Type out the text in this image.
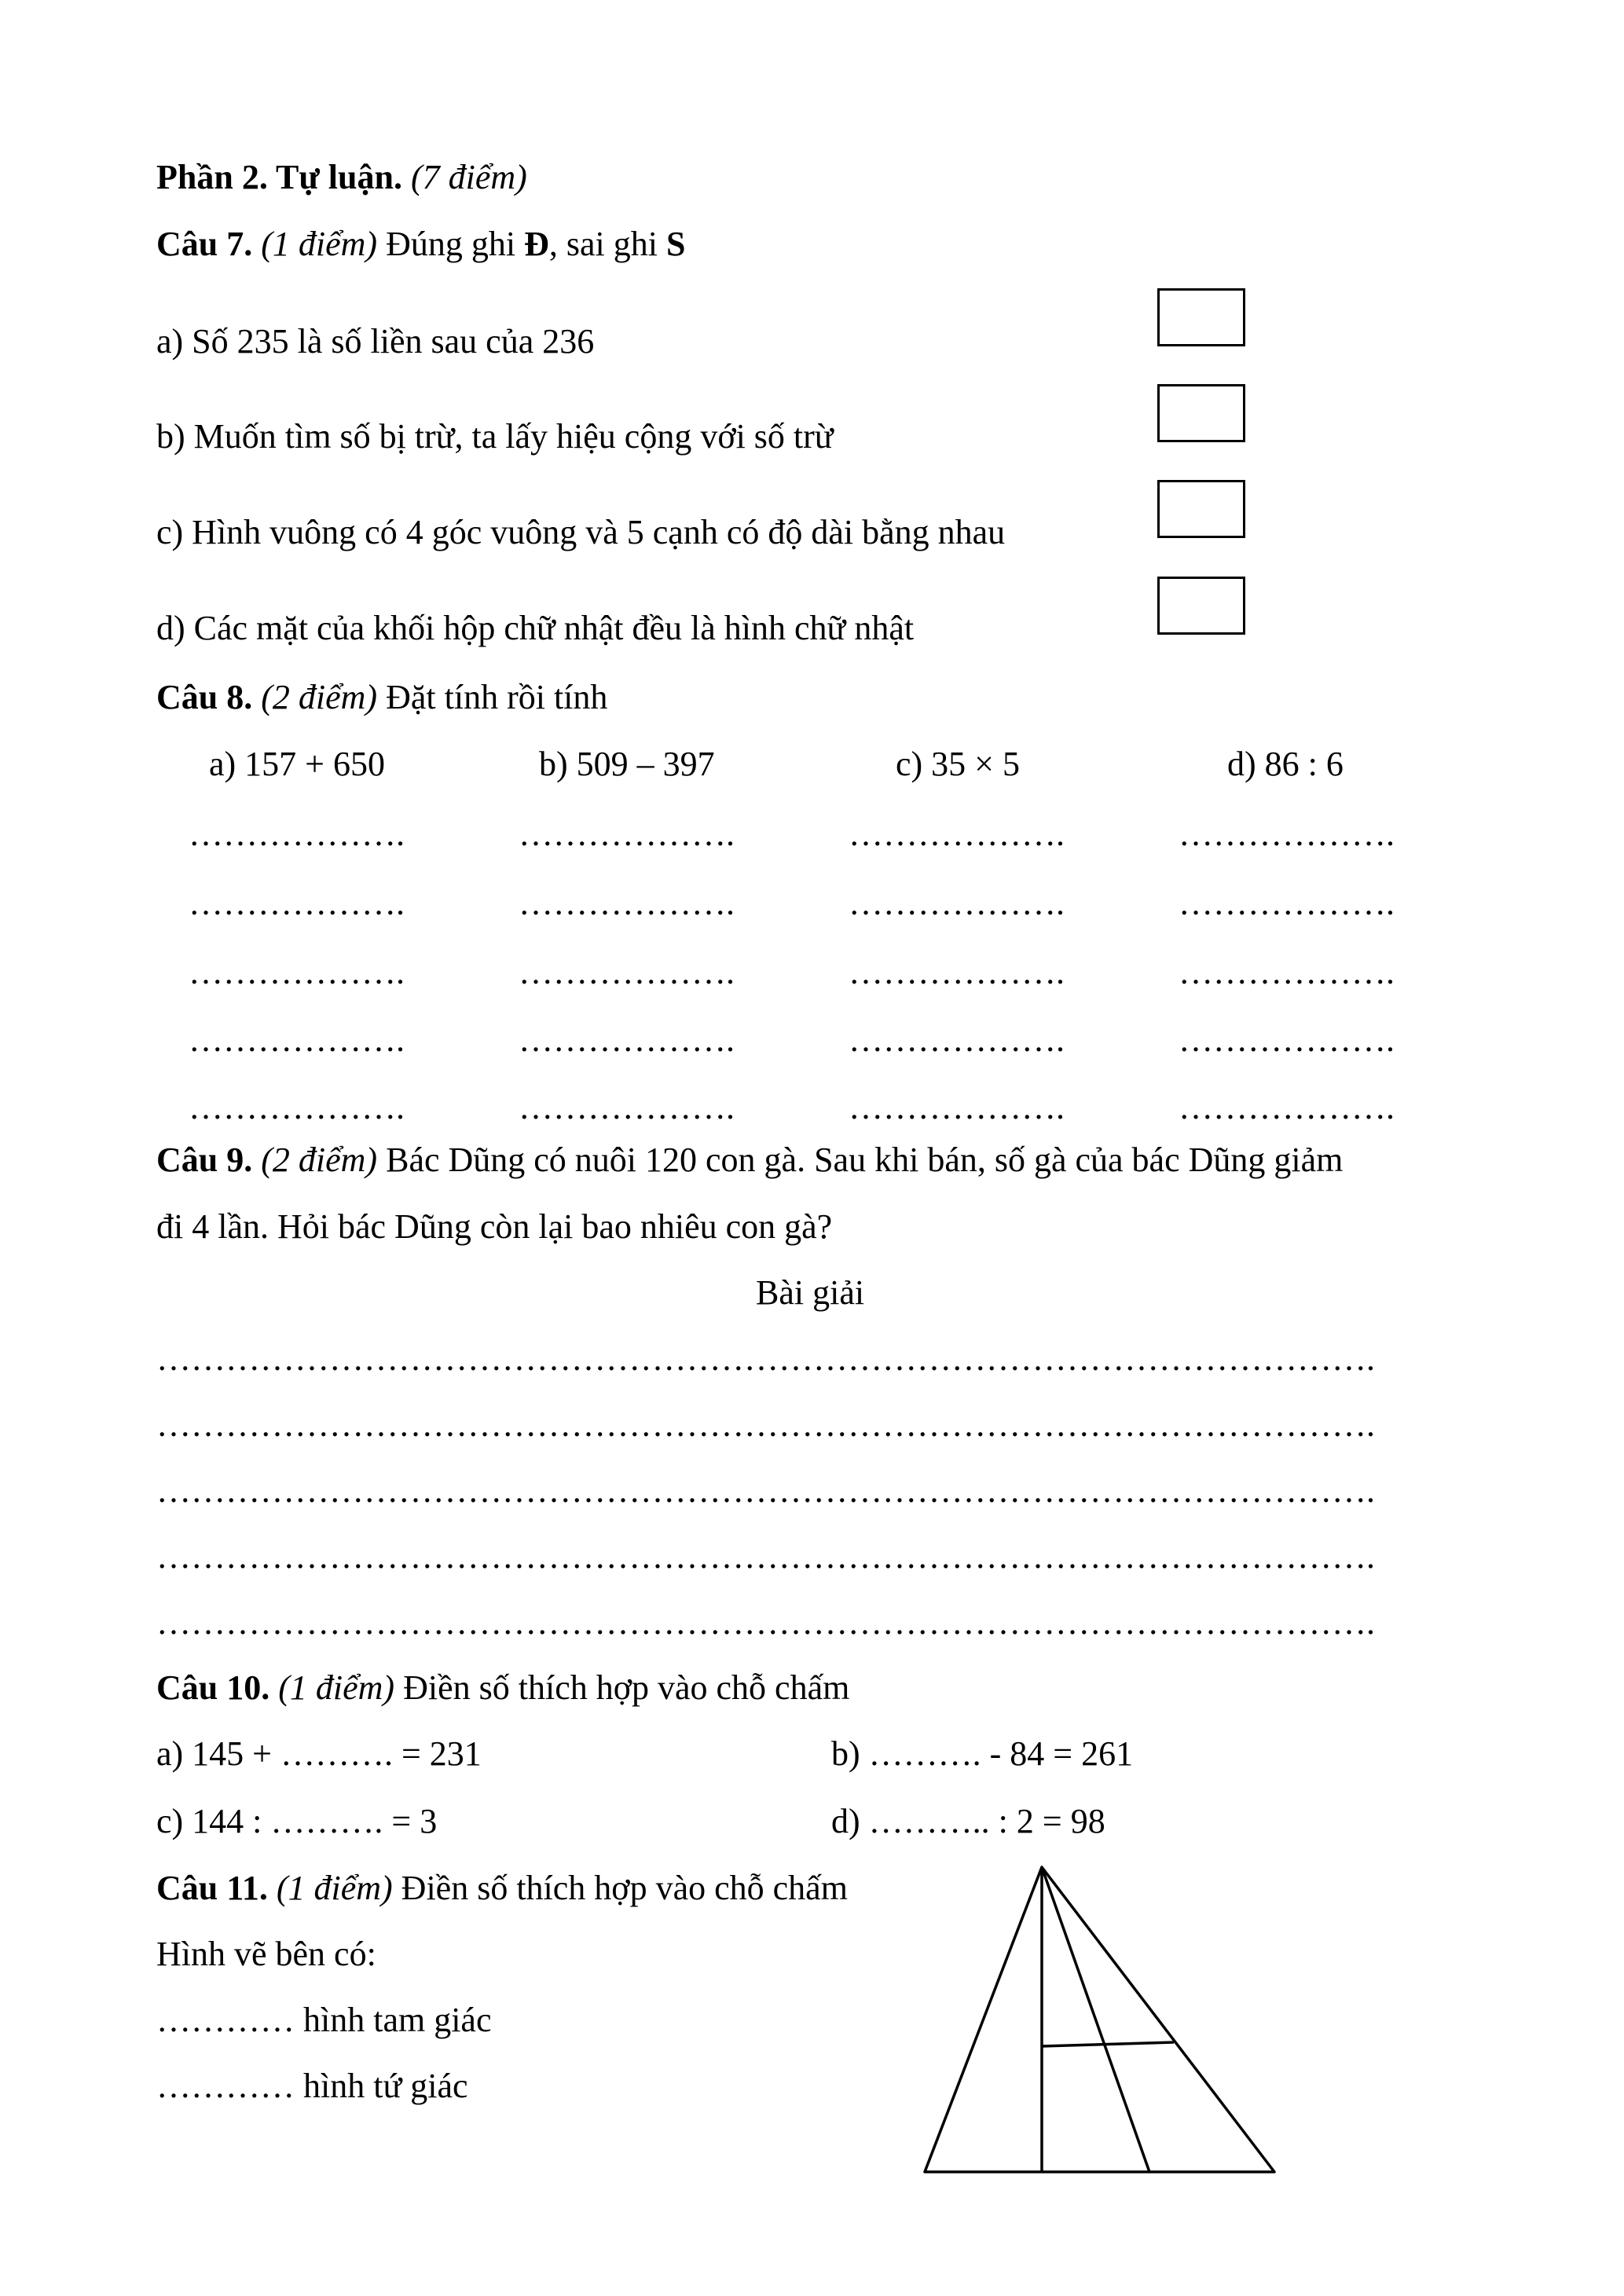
Phần 2. Tự luận. (7 điểm)
Câu 7. (1 điểm) Đúng ghi Đ, sai ghi S
a) Số 235 là số liền sau của 236
b) Muốn tìm số bị trừ, ta lấy hiệu cộng với số trừ
c) Hình vuông có 4 góc vuông và 5 cạnh có độ dài bằng nhau
d) Các mặt của khối hộp chữ nhật đều là hình chữ nhật
Câu 8. (2 điểm) Đặt tính rồi tính
a) 157 + 650	b) 509 – 397	c) 35 × 5	d) 86 : 6
……………….	……………….	……………….	……………….
……………….	……………….	……………….	……………….
……………….	……………….	……………….	……………….
……………….	……………….	……………….	……………….
……………….	……………….	……………….	……………….
Câu 9. (2 điểm) Bác Dũng có nuôi 120 con gà. Sau khi bán, số gà của bác Dũng giảm
đi 4 lần. Hỏi bác Dũng còn lại bao nhiêu con gà?
Bài giải
…………………………………………………………………………………………….
…………………………………………………………………………………………….
…………………………………………………………………………………………….
…………………………………………………………………………………………….
…………………………………………………………………………………………….
Câu 10. (1 điểm) Điền số thích hợp vào chỗ chấm
a) 145 + ………. = 231	b) ………. - 84 = 261
c) 144 : ………. = 3	d) ……….. : 2 = 98
Câu 11. (1 điểm) Điền số thích hợp vào chỗ chấm
Hình vẽ bên có:
………… hình tam giác
………… hình tứ giác
